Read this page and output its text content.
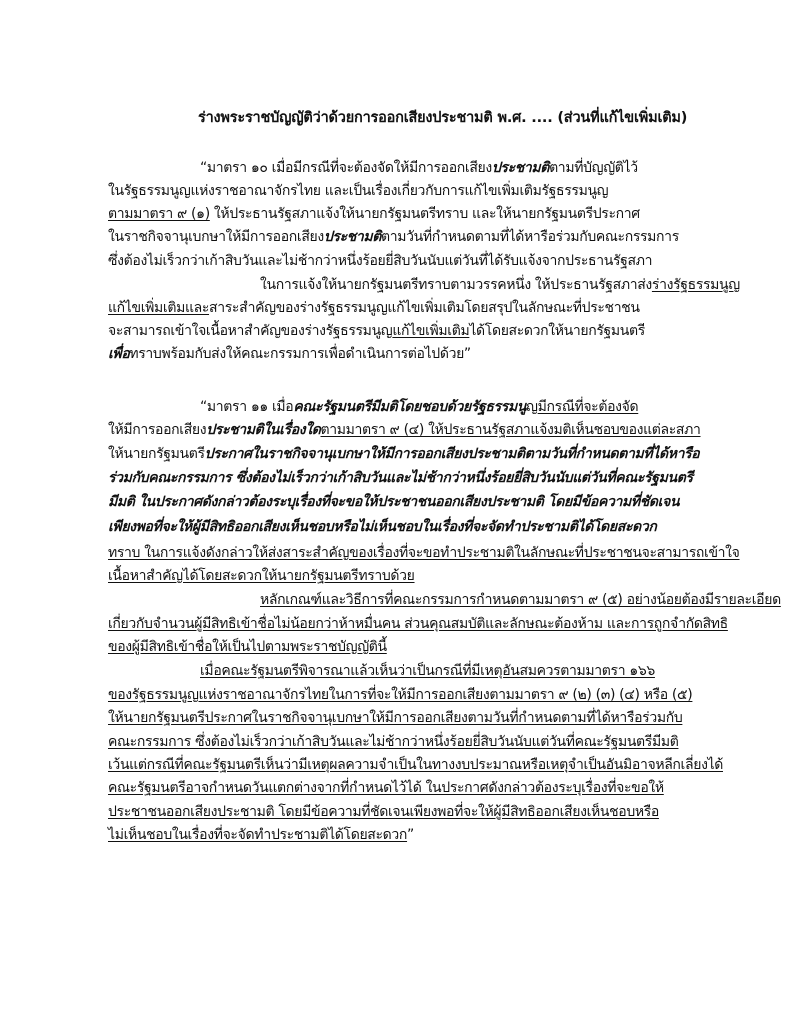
ร่างพระราชบัญญัติว่าด้วยการออกเสียงประชามติ พ.ศ. .... (ส่วนที่แก้ไขเพิ่มเติม)
“มาตรา ๑๐ เมื่อมีกรณีที่จะต้องจัดให้มีการออกเสียงประชามติตามที่บัญญัติไว้
ในรัฐธรรมนูญแห่งราชอาณาจักรไทย และเป็นเรื่องเกี่ยวกับการแก้ไขเพิ่มเติมรัฐธรรมนูญ
ตามมาตรา ๙ (๑) ให้ประธานรัฐสภาแจ้งให้นายกรัฐมนตรีทราบ และให้นายกรัฐมนตรีประกาศ
ในราชกิจจานุเบกษาให้มีการออกเสียงประชามติตามวันที่กำหนดตามที่ได้หารือร่วมกับคณะกรรมการ
ซึ่งต้องไม่เร็วกว่าเก้าสิบวันและไม่ช้ากว่าหนึ่งร้อยยี่สิบวันนับแต่วันที่ได้รับแจ้งจากประธานรัฐสภา
ในการแจ้งให้นายกรัฐมนตรีทราบตามวรรคหนึ่ง ให้ประธานรัฐสภาส่งร่างรัฐธรรมนูญ
แก้ไขเพิ่มเติมและสาระสำคัญของร่างรัฐธรรมนูญแก้ไขเพิ่มเติมโดยสรุปในลักษณะที่ประชาชน
จะสามารถเข้าใจเนื้อหาสำคัญของร่างรัฐธรรมนูญแก้ไขเพิ่มเติมได้โดยสะดวกให้นายกรัฐมนตรี
เพื่อทราบพร้อมกับส่งให้คณะกรรมการเพื่อดำเนินการต่อไปด้วย”
“มาตรา ๑๑ เมื่อคณะรัฐมนตรีมีมติโดยชอบด้วยรัฐธรรมนูญมีกรณีที่จะต้องจัด
ให้มีการออกเสียงประชามติในเรื่องใดตามมาตรา ๙ (๔) ให้ประธานรัฐสภาแจ้งมติเห็นชอบของแต่ละสภา
ให้นายกรัฐมนตรีประกาศในราชกิจจานุเบกษาให้มีการออกเสียงประชามติตามวันที่กำหนดตามที่ได้หารือ
ร่วมกับคณะกรรมการ ซึ่งต้องไม่เร็วกว่าเก้าสิบวันและไม่ช้ากว่าหนึ่งร้อยยี่สิบวันนับแต่วันที่คณะรัฐมนตรี
มีมติ ในประกาศดังกล่าวต้องระบุเรื่องที่จะขอให้ประชาชนออกเสียงประชามติ โดยมีข้อความที่ชัดเจน
เพียงพอที่จะให้ผู้มีสิทธิออกเสียงเห็นชอบหรือไม่เห็นชอบในเรื่องที่จะจัดทำประชามติได้โดยสะดวก
ทราบ ในการแจ้งดังกล่าวให้ส่งสาระสำคัญของเรื่องที่จะขอทำประชามติในลักษณะที่ประชาชนจะสามารถเข้าใจ
เนื้อหาสำคัญได้โดยสะดวกให้นายกรัฐมนตรีทราบด้วย
หลักเกณฑ์และวิธีการที่คณะกรรมการกำหนดตามมาตรา ๙ (๕) อย่างน้อยต้องมีรายละเอียด
เกี่ยวกับจำนวนผู้มีสิทธิเข้าชื่อไม่น้อยกว่าห้าหมื่นคน ส่วนคุณสมบัติและลักษณะต้องห้าม และการถูกจำกัดสิทธิ
ของผู้มีสิทธิเข้าชื่อให้เป็นไปตามพระราชบัญญัตินี้
เมื่อคณะรัฐมนตรีพิจารณาแล้วเห็นว่าเป็นกรณีที่มีเหตุอันสมควรตามมาตรา ๑๖๖
ของรัฐธรรมนูญแห่งราชอาณาจักรไทยในการที่จะให้มีการออกเสียงตามมาตรา ๙ (๒) (๓) (๔) หรือ (๕)
ให้นายกรัฐมนตรีประกาศในราชกิจจานุเบกษาให้มีการออกเสียงตามวันที่กำหนดตามที่ได้หารือร่วมกับ
คณะกรรมการ ซึ่งต้องไม่เร็วกว่าเก้าสิบวันและไม่ช้ากว่าหนึ่งร้อยยี่สิบวันนับแต่วันที่คณะรัฐมนตรีมีมติ
เว้นแต่กรณีที่คณะรัฐมนตรีเห็นว่ามีเหตุผลความจำเป็นในทางงบประมาณหรือเหตุจำเป็นอันมิอาจหลีกเลี่ยงได้
คณะรัฐมนตรีอาจกำหนดวันแตกต่างจากที่กำหนดไว้ได้ ในประกาศดังกล่าวต้องระบุเรื่องที่จะขอให้
ประชาชนออกเสียงประชามติ โดยมีข้อความที่ชัดเจนเพียงพอที่จะให้ผู้มีสิทธิออกเสียงเห็นชอบหรือ
ไม่เห็นชอบในเรื่องที่จะจัดทำประชามติได้โดยสะดวก”
